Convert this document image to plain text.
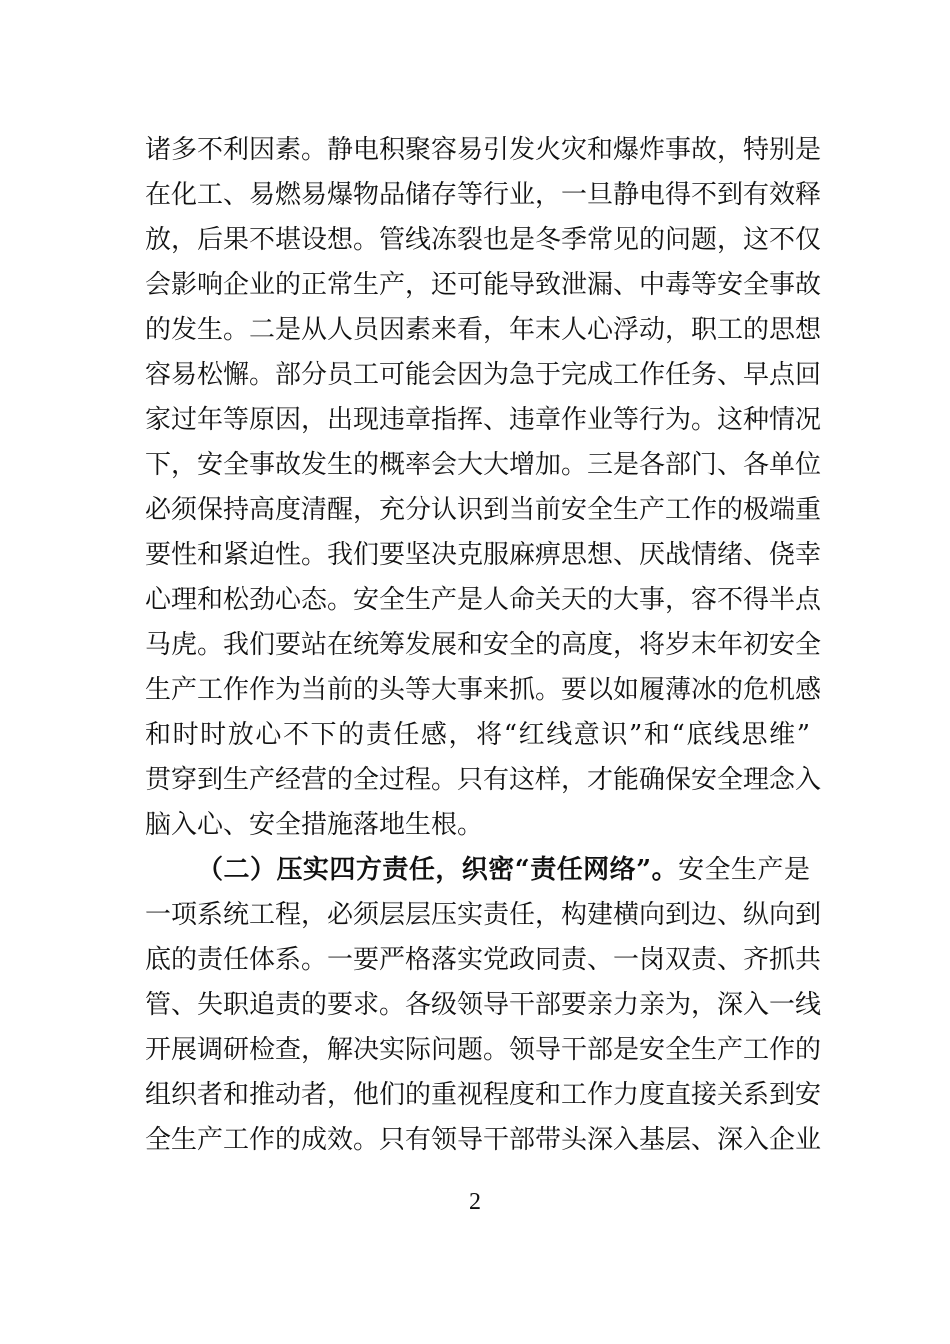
诸多不利因素。静电积聚容易引发火灾和爆炸事故，特别是
在化工、易燃易爆物品储存等行业，一旦静电得不到有效释
放，后果不堪设想。管线冻裂也是冬季常见的问题，这不仅
会影响企业的正常生产，还可能导致泄漏、中毒等安全事故
的发生。二是从人员因素来看，年末人心浮动，职工的思想
容易松懈。部分员工可能会因为急于完成工作任务、早点回
家过年等原因，出现违章指挥、违章作业等行为。这种情况
下，安全事故发生的概率会大大增加。三是各部门、各单位
必须保持高度清醒，充分认识到当前安全生产工作的极端重
要性和紧迫性。我们要坚决克服麻痹思想、厌战情绪、侥幸
心理和松劲心态。安全生产是人命关天的大事，容不得半点
马虎。我们要站在统筹发展和安全的高度，将岁末年初安全
生产工作作为当前的头等大事来抓。要以如履薄冰的危机感
和时时放心不下的责任感，将“红线意识”和“底线思维”
贯穿到生产经营的全过程。只有这样，才能确保安全理念入
脑入心、安全措施落地生根。
（二）压实四方责任，织密“责任网络”。安全生产是
一项系统工程，必须层层压实责任，构建横向到边、纵向到
底的责任体系。一要严格落实党政同责、一岗双责、齐抓共
管、失职追责的要求。各级领导干部要亲力亲为，深入一线
开展调研检查，解决实际问题。领导干部是安全生产工作的
组织者和推动者，他们的重视程度和工作力度直接关系到安
全生产工作的成效。只有领导干部带头深入基层、深入企业
2
